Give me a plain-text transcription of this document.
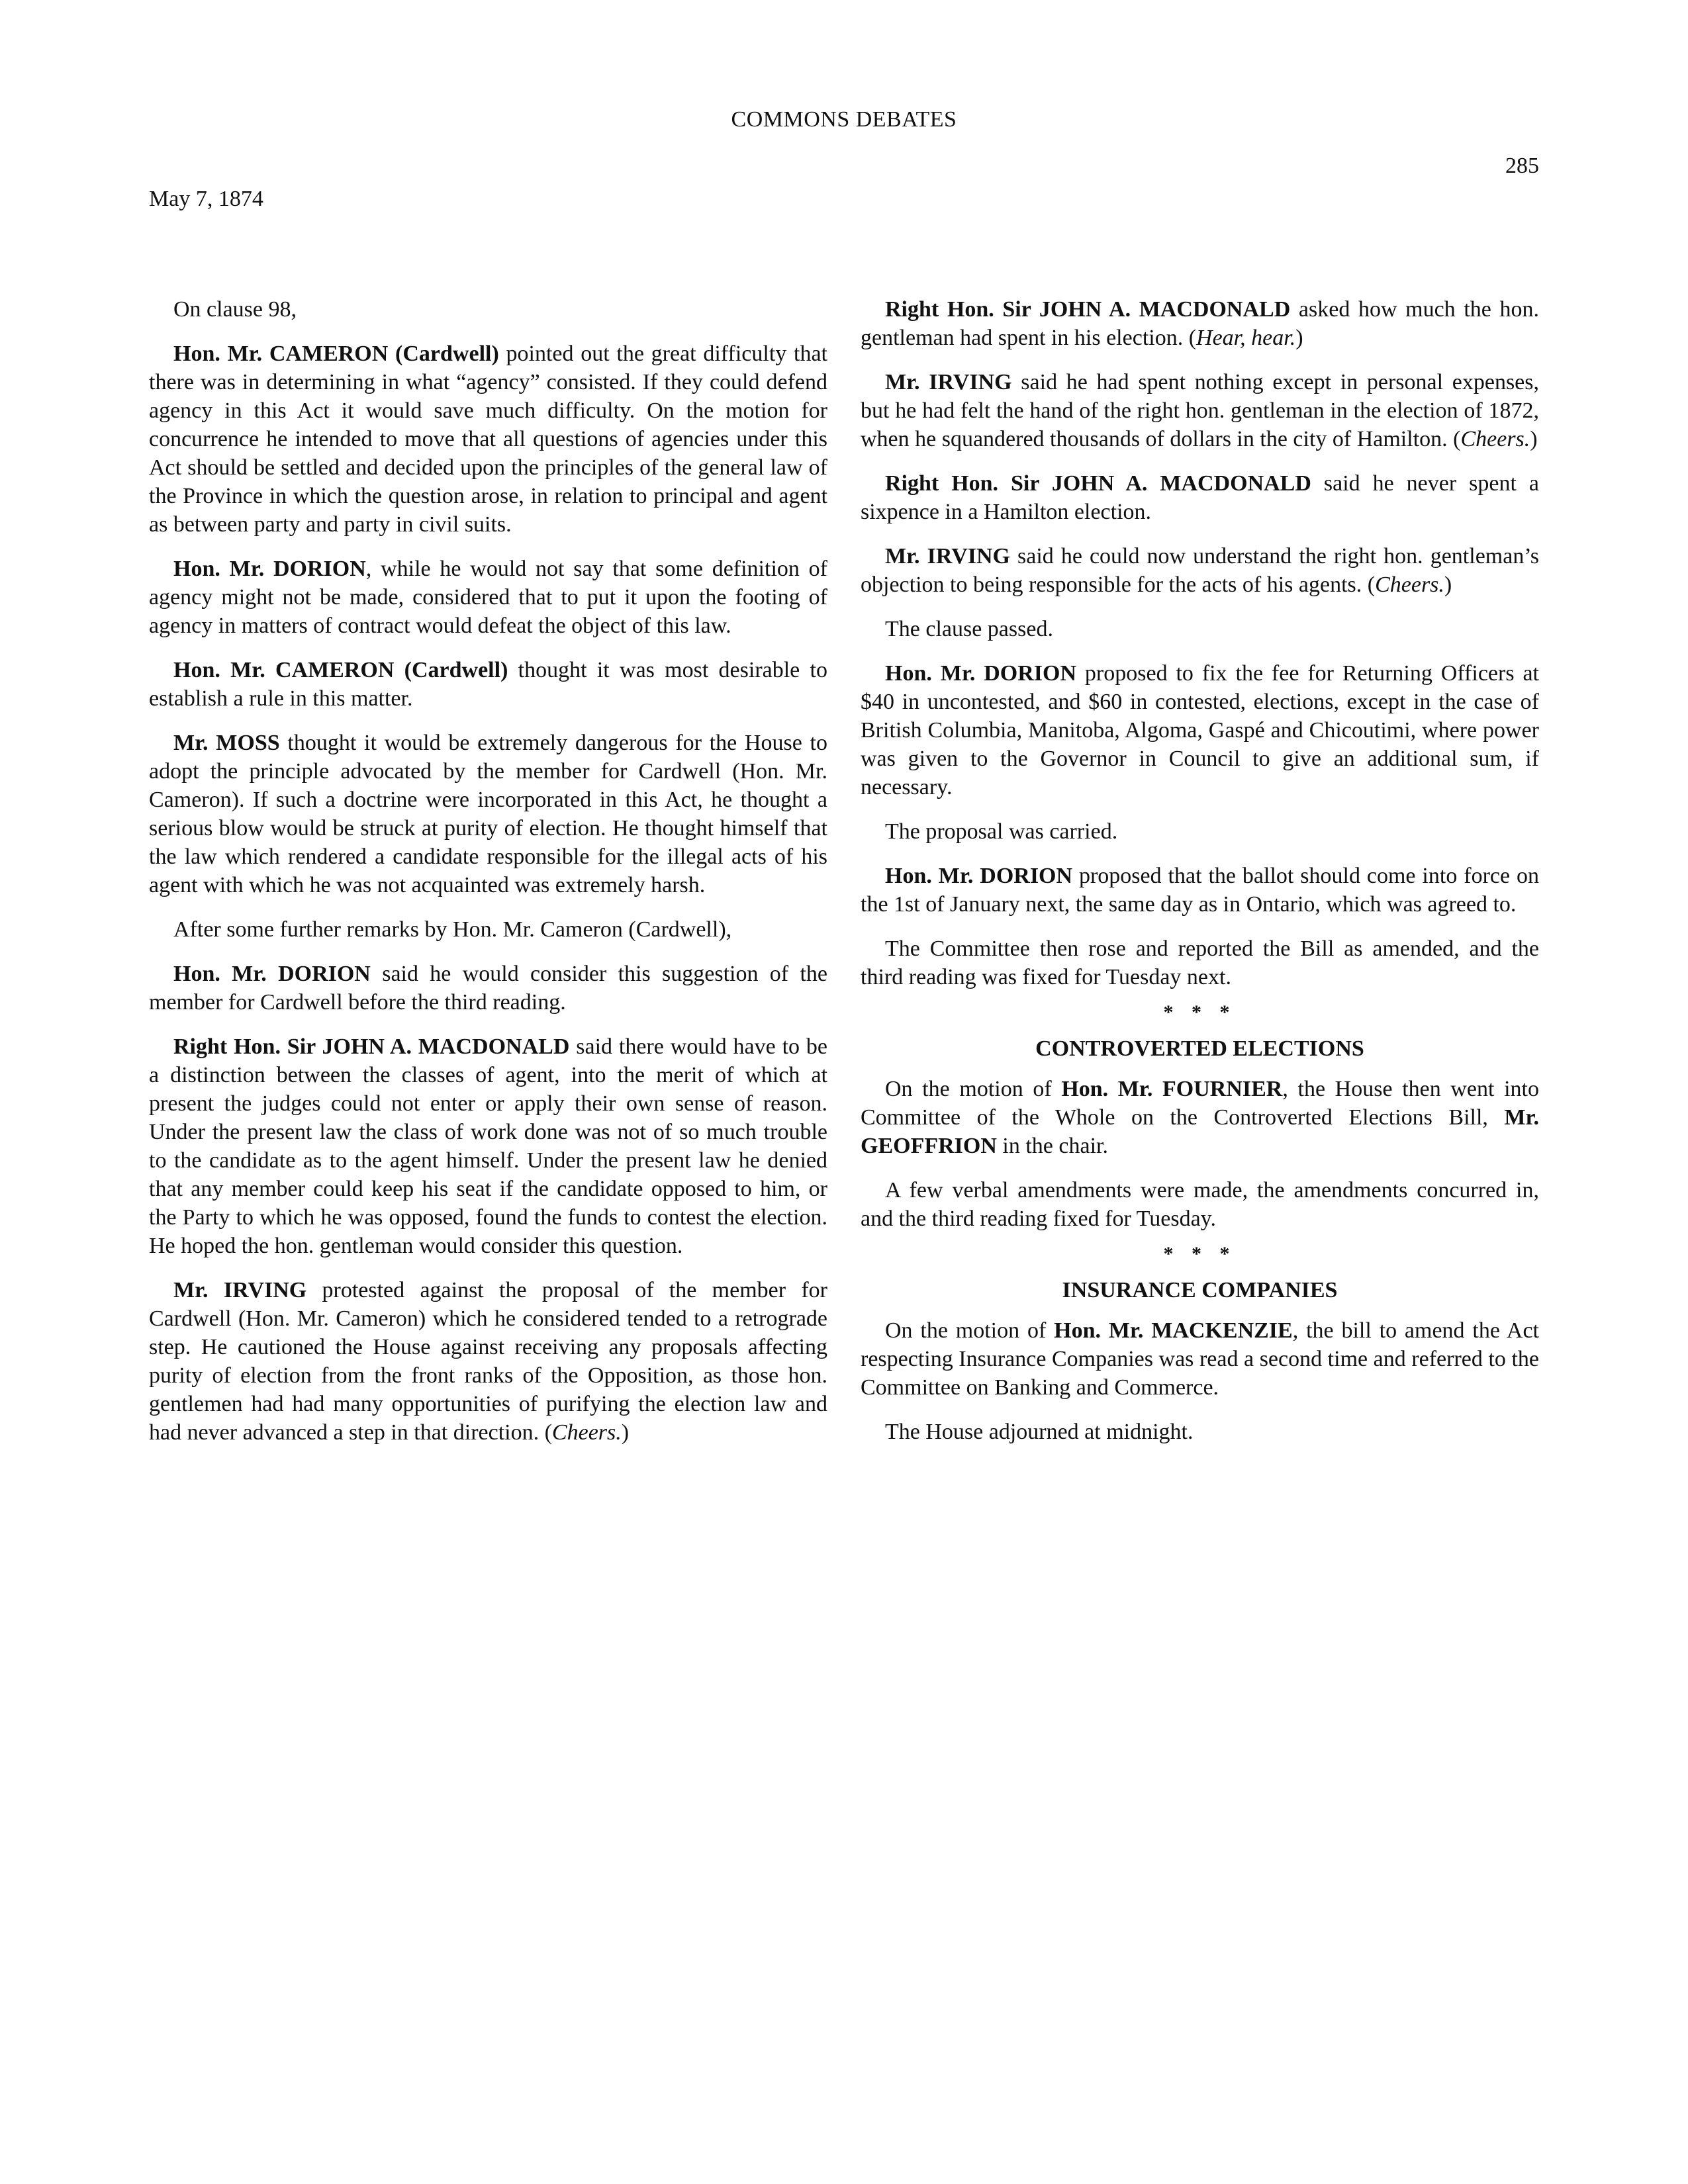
COMMONS DEBATES
285
May 7, 1874

On clause 98,

Hon. Mr. CAMERON (Cardwell) pointed out the great difficulty that there was in determining in what “agency” consisted. If they could defend agency in this Act it would save much difficulty. On the motion for concurrence he intended to move that all questions of agencies under this Act should be settled and decided upon the principles of the general law of the Province in which the question arose, in relation to principal and agent as between party and party in civil suits.

Hon. Mr. DORION, while he would not say that some definition of agency might not be made, considered that to put it upon the footing of agency in matters of contract would defeat the object of this law.

Hon. Mr. CAMERON (Cardwell) thought it was most desirable to establish a rule in this matter.

Mr. MOSS thought it would be extremely dangerous for the House to adopt the principle advocated by the member for Cardwell (Hon. Mr. Cameron). If such a doctrine were incorporated in this Act, he thought a serious blow would be struck at purity of election. He thought himself that the law which rendered a candidate responsible for the illegal acts of his agent with which he was not acquainted was extremely harsh.

After some further remarks by Hon. Mr. Cameron (Cardwell),

Hon. Mr. DORION said he would consider this suggestion of the member for Cardwell before the third reading.

Right Hon. Sir JOHN A. MACDONALD said there would have to be a distinction between the classes of agent, into the merit of which at present the judges could not enter or apply their own sense of reason. Under the present law the class of work done was not of so much trouble to the candidate as to the agent himself. Under the present law he denied that any member could keep his seat if the candidate opposed to him, or the Party to which he was opposed, found the funds to contest the election. He hoped the hon. gentleman would consider this question.

Mr. IRVING protested against the proposal of the member for Cardwell (Hon. Mr. Cameron) which he considered tended to a retrograde step. He cautioned the House against receiving any proposals affecting purity of election from the front ranks of the Opposition, as those hon. gentlemen had had many opportunities of purifying the election law and had never advanced a step in that direction. (Cheers.)

Right Hon. Sir JOHN A. MACDONALD asked how much the hon. gentleman had spent in his election. (Hear, hear.)

Mr. IRVING said he had spent nothing except in personal expenses, but he had felt the hand of the right hon. gentleman in the election of 1872, when he squandered thousands of dollars in the city of Hamilton. (Cheers.)

Right Hon. Sir JOHN A. MACDONALD said he never spent a sixpence in a Hamilton election.

Mr. IRVING said he could now understand the right hon. gentleman’s objection to being responsible for the acts of his agents. (Cheers.)

The clause passed.

Hon. Mr. DORION proposed to fix the fee for Returning Officers at $40 in uncontested, and $60 in contested, elections, except in the case of British Columbia, Manitoba, Algoma, Gaspé and Chicoutimi, where power was given to the Governor in Council to give an additional sum, if necessary.

The proposal was carried.

Hon. Mr. DORION proposed that the ballot should come into force on the 1st of January next, the same day as in Ontario, which was agreed to.

The Committee then rose and reported the Bill as amended, and the third reading was fixed for Tuesday next.

* * *
CONTROVERTED ELECTIONS

On the motion of Hon. Mr. FOURNIER, the House then went into Committee of the Whole on the Controverted Elections Bill, Mr. GEOFFRION in the chair.

A few verbal amendments were made, the amendments concurred in, and the third reading fixed for Tuesday.

* * *
INSURANCE COMPANIES

On the motion of Hon. Mr. MACKENZIE, the bill to amend the Act respecting Insurance Companies was read a second time and referred to the Committee on Banking and Commerce.

The House adjourned at midnight.
